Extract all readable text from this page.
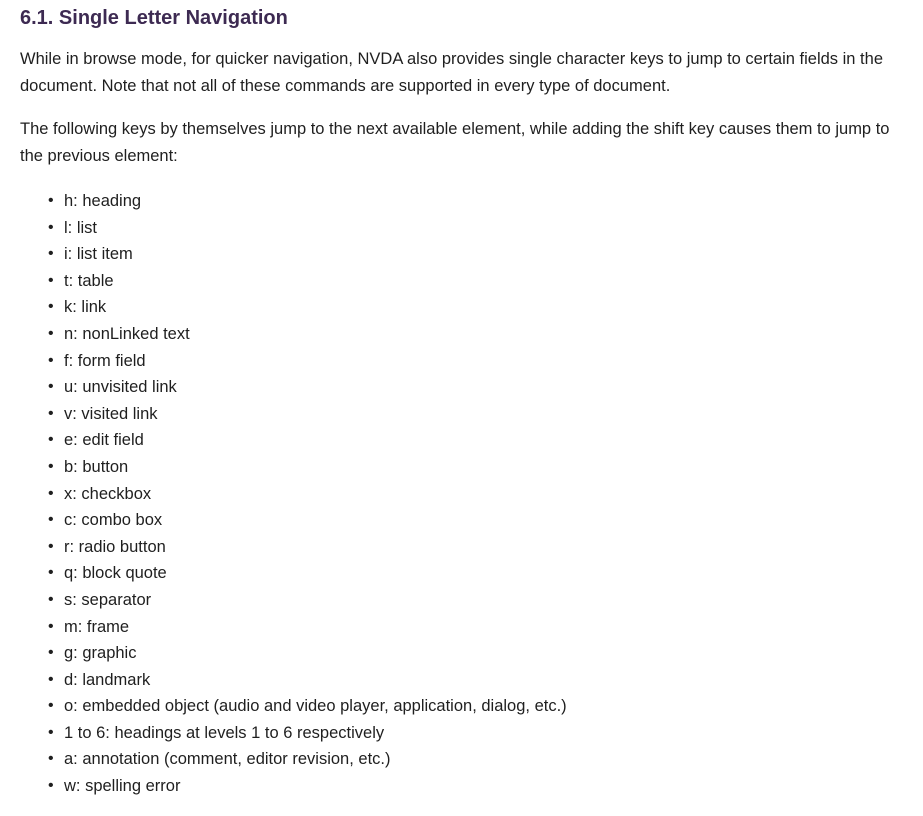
6.1. Single Letter Navigation

While in browse mode, for quicker navigation, NVDA also provides single character keys to jump to certain fields in the document. Note that not all of these commands are supported in every type of document.

The following keys by themselves jump to the next available element, while adding the shift key causes them to jump to the previous element:

• h: heading
• l: list
• i: list item
• t: table
• k: link
• n: nonLinked text
• f: form field
• u: unvisited link
• v: visited link
• e: edit field
• b: button
• x: checkbox
• c: combo box
• r: radio button
• q: block quote
• s: separator
• m: frame
• g: graphic
• d: landmark
• o: embedded object (audio and video player, application, dialog, etc.)
• 1 to 6: headings at levels 1 to 6 respectively
• a: annotation (comment, editor revision, etc.)
• w: spelling error
